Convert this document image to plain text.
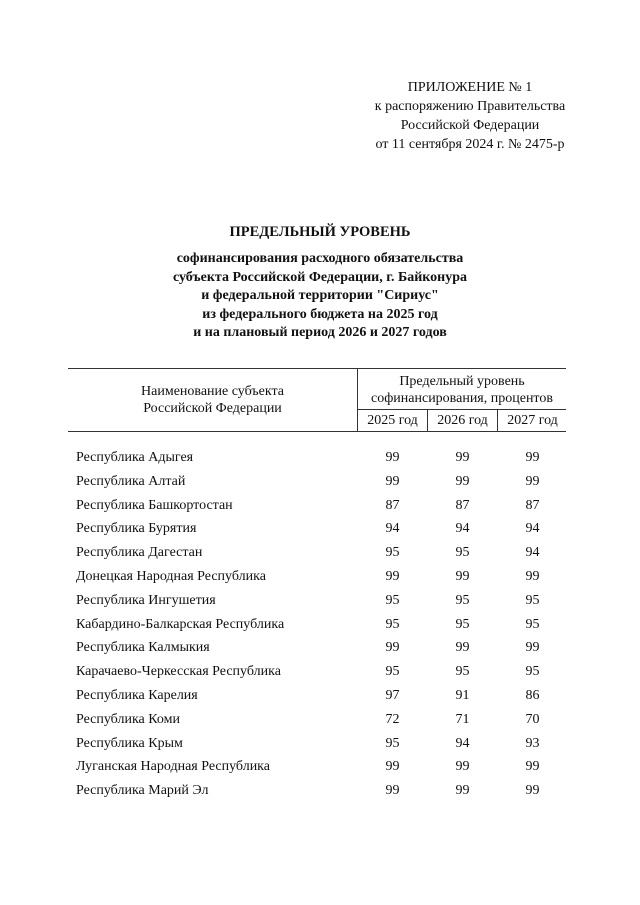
ПРИЛОЖЕНИЕ № 1
к распоряжению Правительства
Российской Федерации
от 11 сентября 2024 г. № 2475-р
ПРЕДЕЛЬНЫЙ УРОВЕНЬ
софинансирования расходного обязательства
субъекта Российской Федерации, г. Байконура
и федеральной территории "Сириус"
из федерального бюджета на 2025 год
и на плановый период 2026 и 2027 годов
Наименование субъекта
Российской Федерации
Предельный уровень
софинансирования, процентов
2025 год	2026 год	2027 год
Республика Адыгея	99	99	99
Республика Алтай	99	99	99
Республика Башкортостан	87	87	87
Республика Бурятия	94	94	94
Республика Дагестан	95	95	94
Донецкая Народная Республика	99	99	99
Республика Ингушетия	95	95	95
Кабардино-Балкарская Республика	95	95	95
Республика Калмыкия	99	99	99
Карачаево-Черкесская Республика	95	95	95
Республика Карелия	97	91	86
Республика Коми	72	71	70
Республика Крым	95	94	93
Луганская Народная Республика	99	99	99
Республика Марий Эл	99	99	99
